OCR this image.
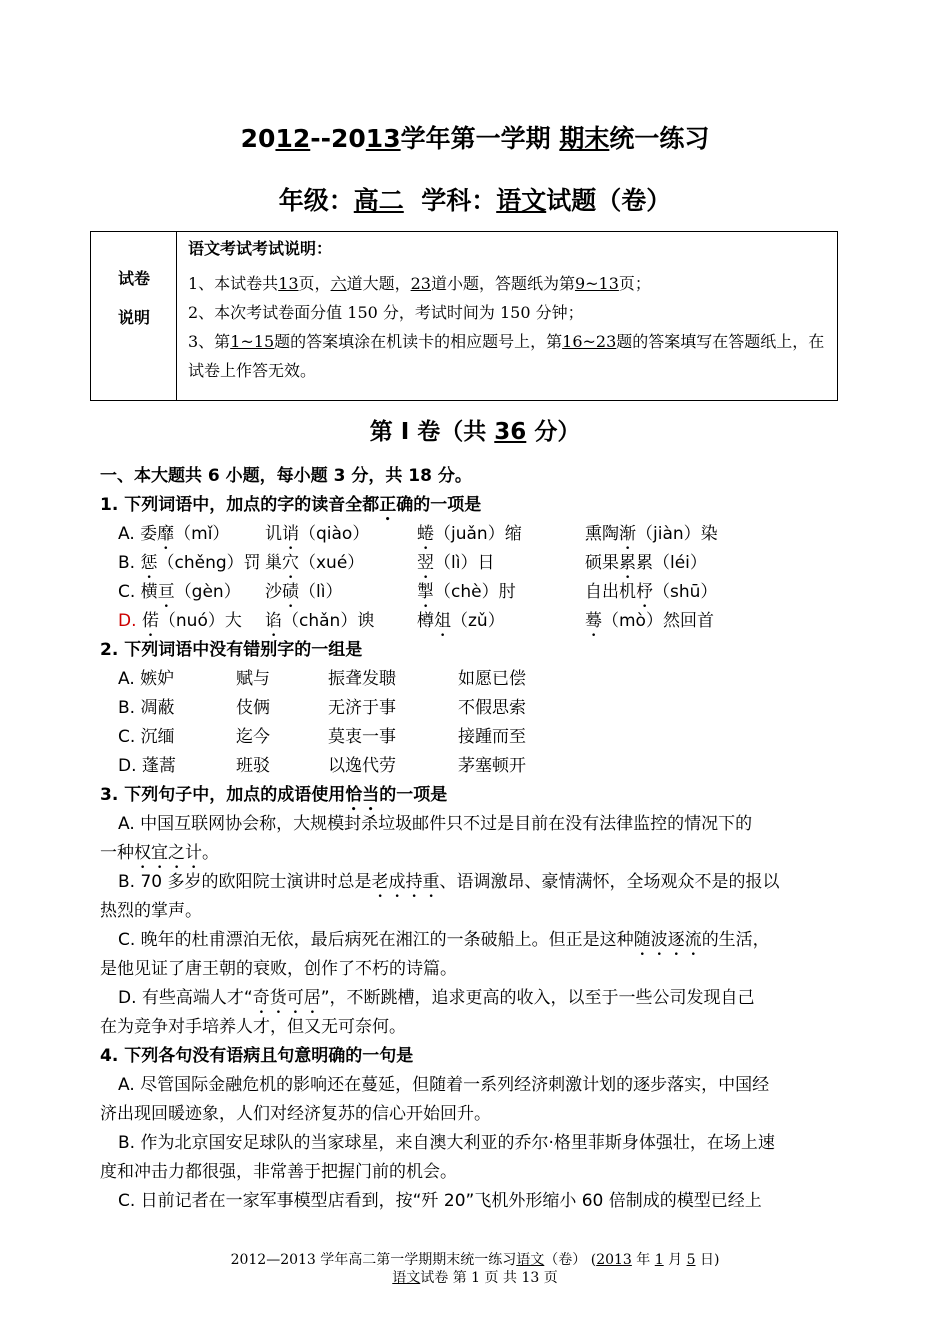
2012--2013学年第一学期 期末统一练习
年级：高二  学科：语文试题（卷）
试卷
说明
语文考试考试说明：
1、本试卷共13页，六道大题，23道小题，答题纸为第9~13页；
2、本次考试卷面分值 150 分，考试时间为 150 分钟；
3、第1~15题的答案填涂在机读卡的相应题号上，第16~23题的答案填写在答题纸上，在试卷上作答无效。
第 I 卷（共 36 分）
一、本大题共 6 小题，每小题 3 分，共 18 分。
1. 下列词语中，加点的字的读音全都正确的一项是
A. 委靡（mǐ） 讥诮（qiào）	蜷（juǎn）缩	熏陶渐（jiàn）染
B. 惩（chěng）罚 巢穴（xué）	翌（lì）日	硕果累累（léi）
C. 横亘（gèn） 沙碛（lì）	掣（chè）肘	自出机杼（shū）
D. 偌（nuó）大 谄（chǎn）谀	樽俎（zǔ）	蓦（mò）然回首
2. 下列词语中没有错别字的一组是
A. 嫉妒	赋与	振聋发聩	如愿已偿
B. 凋蔽	伎俩	无济于事	不假思索
C. 沉缅	迄今	莫衷一事	接踵而至
D. 蓬蒿	班驳	以逸代劳	茅塞顿开
3. 下列句子中，加点的成语使用恰当的一项是
A. 中国互联网协会称，大规模封杀垃圾邮件只不过是目前在没有法律监控的情况下的
一种权宜之计。
B. 70 多岁的欧阳院士演讲时总是老成持重、语调激昂、豪情满怀，全场观众不是的报以
热烈的掌声。
C. 晚年的杜甫漂泊无依，最后病死在湘江的一条破船上。但正是这种随波逐流的生活，
是他见证了唐王朝的衰败，创作了不朽的诗篇。
D. 有些高端人才“奇货可居”，不断跳槽，追求更高的收入，以至于一些公司发现自己
在为竞争对手培养人才，但又无可奈何。
4. 下列各句没有语病且句意明确的一句是
A. 尽管国际金融危机的影响还在蔓延，但随着一系列经济刺激计划的逐步落实，中国经
济出现回暖迹象，人们对经济复苏的信心开始回升。
B. 作为北京国安足球队的当家球星，来自澳大利亚的乔尔·格里菲斯身体强壮，在场上速
度和冲击力都很强，非常善于把握门前的机会。
C. 日前记者在一家军事模型店看到，按“歼 20”飞机外形缩小 60 倍制成的模型已经上
2012—2013 学年高二第一学期期末统一练习语文（卷） (2013 年 1 月 5 日)
语文试卷 第 1 页 共 13 页
